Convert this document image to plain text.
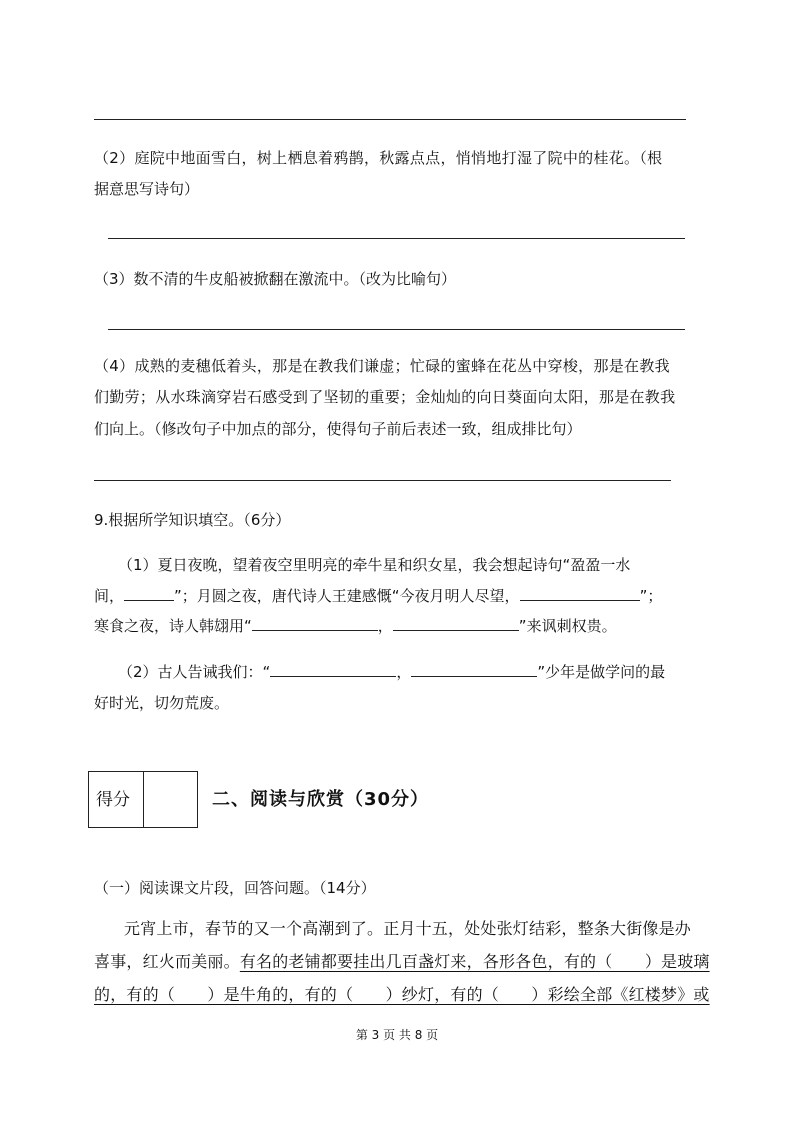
（2）庭院中地面雪白，树上栖息着鸦鹊，秋露点点，悄悄地打湿了院中的桂花。（根
据意思写诗句）
（3）数不清的牛皮船被掀翻在激流中。（改为比喻句）
（4）成熟的麦穗低着头，那是在教我们谦虚；忙碌的蜜蜂在花丛中穿梭，那是在教我
们勤劳；从水珠滴穿岩石感受到了坚韧的重要；金灿灿的向日葵面向太阳，那是在教我
们向上。（修改句子中加点的部分，使得句子前后表述一致，组成排比句）
9.根据所学知识填空。（6分）
（1）夏日夜晚，望着夜空里明亮的牵牛星和织女星，我会想起诗句“盈盈一水
间，	”；月圆之夜，唐代诗人王建感慨“今夜月明人尽望，	”；
寒食之夜，诗人韩翃用“	，	”来讽刺权贵。
（2）古人告诫我们：“	，	”少年是做学问的最
好时光，切勿荒废。
得分	二、阅读与欣赏（30分）
（一）阅读课文片段，回答问题。（14分）
元宵上市，春节的又一个高潮到了。正月十五，处处张灯结彩，整条大街像是办
喜事，红火而美丽。有名的老铺都要挂出几百盏灯来，各形各色，有的（　　）是玻璃
的，有的（　　）是牛角的，有的（　　）纱灯，有的（　　）彩绘全部《红楼梦》或
第 3 页 共 8 页
